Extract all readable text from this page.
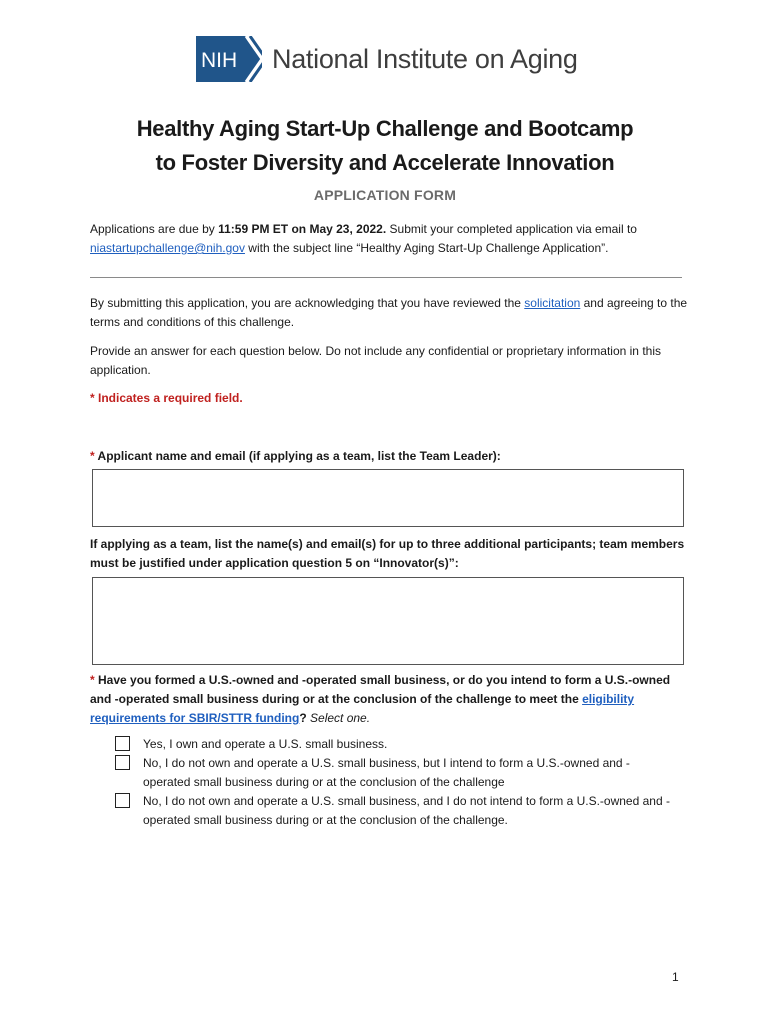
NIH National Institute on Aging
Healthy Aging Start-Up Challenge and Bootcamp
to Foster Diversity and Accelerate Innovation
APPLICATION FORM
Applications are due by 11:59 PM ET on May 23, 2022. Submit your completed application via email to
niastartupchallenge@nih.gov with the subject line “Healthy Aging Start-Up Challenge Application”.
By submitting this application, you are acknowledging that you have reviewed the solicitation and agreeing to the terms and conditions of this challenge.
Provide an answer for each question below. Do not include any confidential or proprietary information in this application.
* Indicates a required field.
* Applicant name and email (if applying as a team, list the Team Leader):
If applying as a team, list the name(s) and email(s) for up to three additional participants; team members must be justified under application question 5 on “Innovator(s)”:
* Have you formed a U.S.-owned and -operated small business, or do you intend to form a U.S.-owned and -operated small business during or at the conclusion of the challenge to meet the eligibility requirements for SBIR/STTR funding? Select one.
Yes, I own and operate a U.S. small business.
No, I do not own and operate a U.S. small business, but I intend to form a U.S.-owned and -operated small business during or at the conclusion of the challenge
No, I do not own and operate a U.S. small business, and I do not intend to form a U.S.-owned and -operated small business during or at the conclusion of the challenge.
1
